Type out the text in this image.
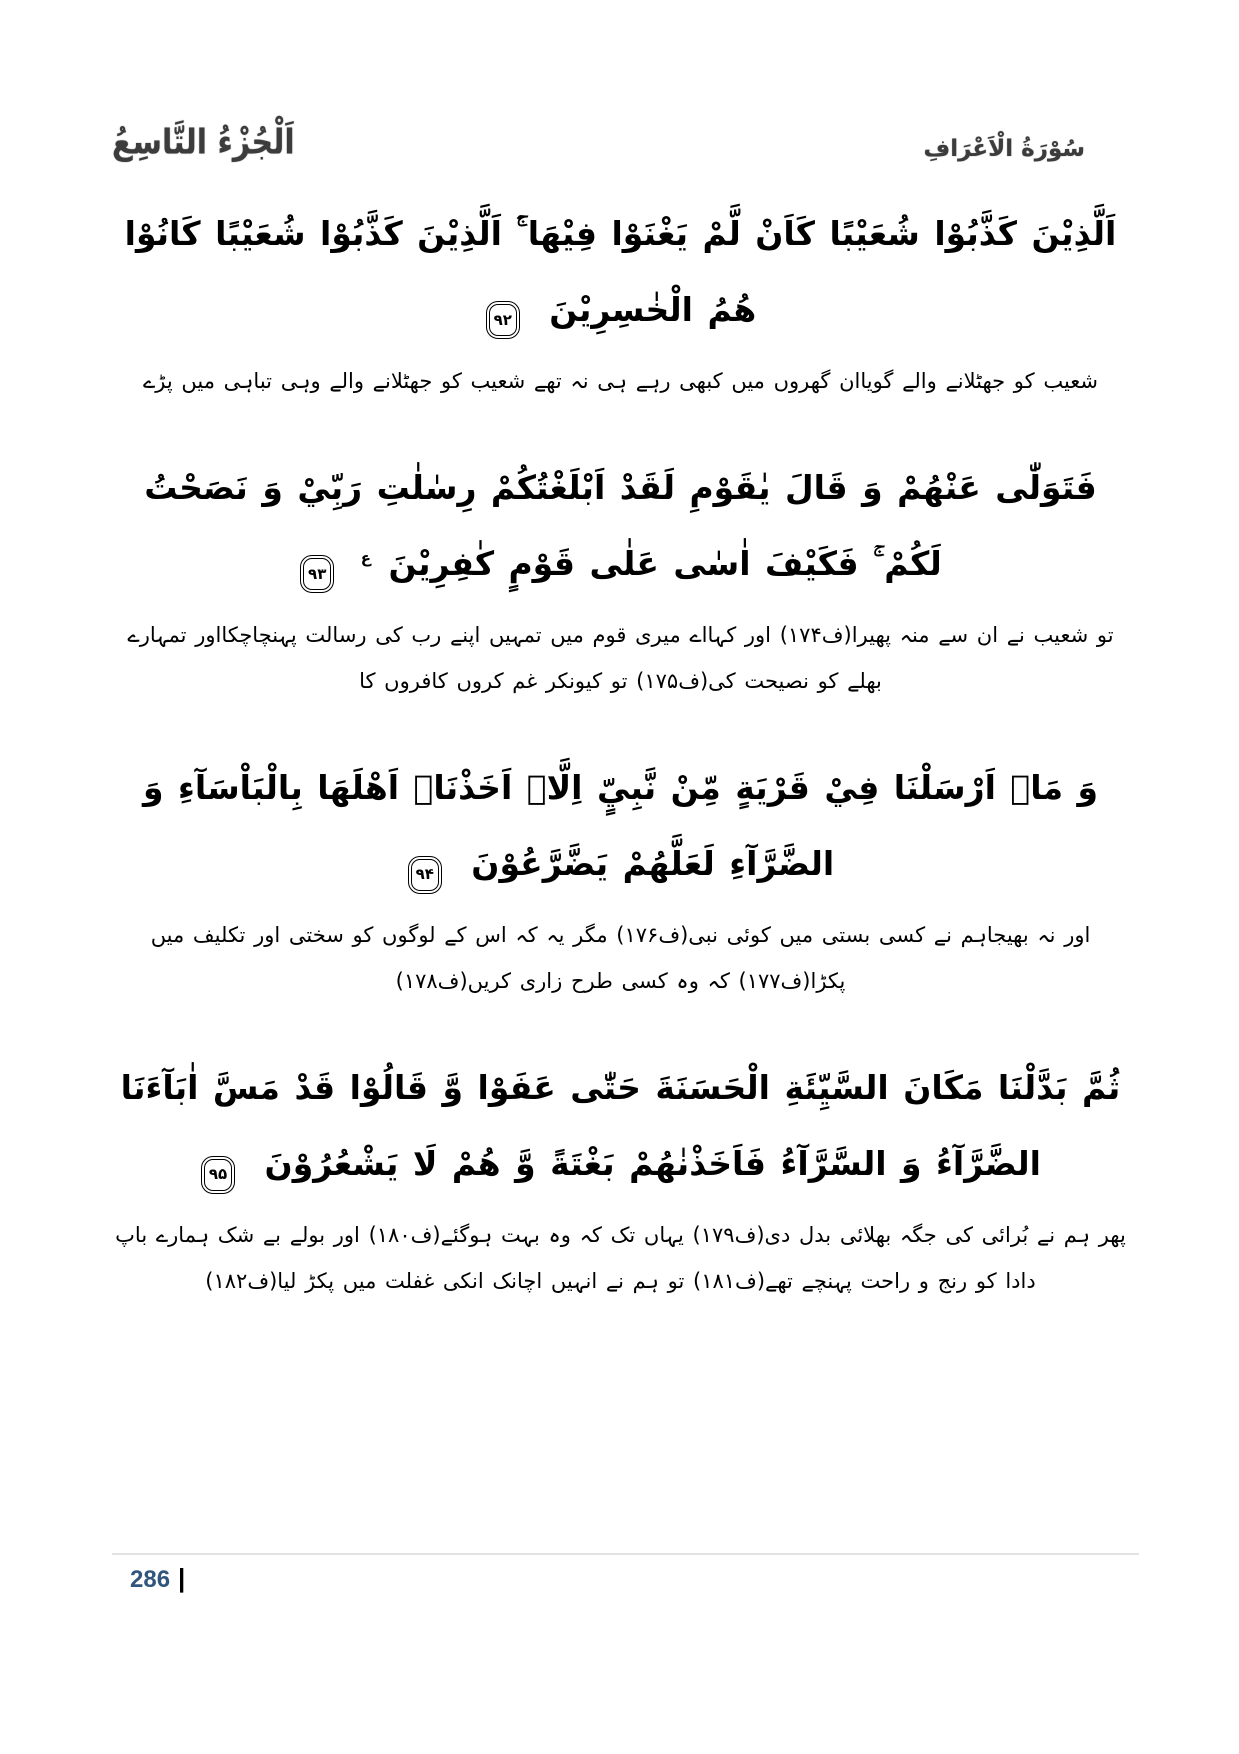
اَلْجُزْءُ التَّاسِعُ	سُوْرَةُ الْاَعْرَافِ

اَلَّذِيْنَ كَذَّبُوْا شُعَيْبًا كَاَنْ لَّمْ يَغْنَوْا فِيْهَا ۚۛ اَلَّذِيْنَ كَذَّبُوْا شُعَيْبًا كَانُوْا هُمُ الْخٰسِرِيْنَ
۹۲

شعیب کو جھٹلانے والے گویاان گھروں میں کبھی رہے ہی نہ تھے شعیب کو جھٹلانے والے وہی تباہی میں پڑے

فَتَوَلّٰى عَنْهُمْ وَ قَالَ يٰقَوْمِ لَقَدْ اَبْلَغْتُكُمْ رِسٰلٰتِ رَبِّيْ وَ نَصَحْتُ لَكُمْ ۚ فَكَيْفَ اٰسٰى عَلٰى قَوْمٍ كٰفِرِيْنَ $^ع$
۹۳

تو شعیب نے ان سے منہ پھیرا(ف۱۷۴) اور کہااے میری قوم میں تمہیں اپنے رب کی رسالت پہنچاچکااور تمہارے بھلے کو نصیحت کی(ف۱۷۵) تو کیونکر غم کروں کافروں کا

وَ مَاۤ اَرْسَلْنَا فِيْ قَرْيَةٍ مِّنْ نَّبِيٍّ اِلَّاۤ اَخَذْنَاۤ اَهْلَهَا بِالْبَاْسَآءِ وَ الضَّرَّآءِ لَعَلَّهُمْ يَضَّرَّعُوْنَ
۹۴

اور نہ بھیجاہم نے کسی بستی میں کوئی نبی(ف۱۷۶) مگر یہ کہ اس کے لوگوں کو سختی اور تکلیف میں پکڑا(ف۱۷۷) کہ وہ کسی طرح زاری کریں(ف۱۷۸)

ثُمَّ بَدَّلْنَا مَكَانَ السَّيِّئَةِ الْحَسَنَةَ حَتّٰى عَفَوْا وَّ قَالُوْا قَدْ مَسَّ اٰبَآءَنَا الضَّرَّآءُ وَ السَّرَّآءُ فَاَخَذْنٰهُمْ بَغْتَةً وَّ هُمْ لَا يَشْعُرُوْنَ
۹۵

پھر ہم نے بُرائی کی جگہ بھلائی بدل دی(ف۱۷۹) یہاں تک کہ وہ بہت ہوگئے(ف۱۸۰) اور بولے بے شک ہمارے باپ دادا کو رنج و راحت پہنچے تھے(ف۱۸۱) تو ہم نے انہیں اچانک انکی غفلت میں پکڑ لیا(ف۱۸۲)

286 |
